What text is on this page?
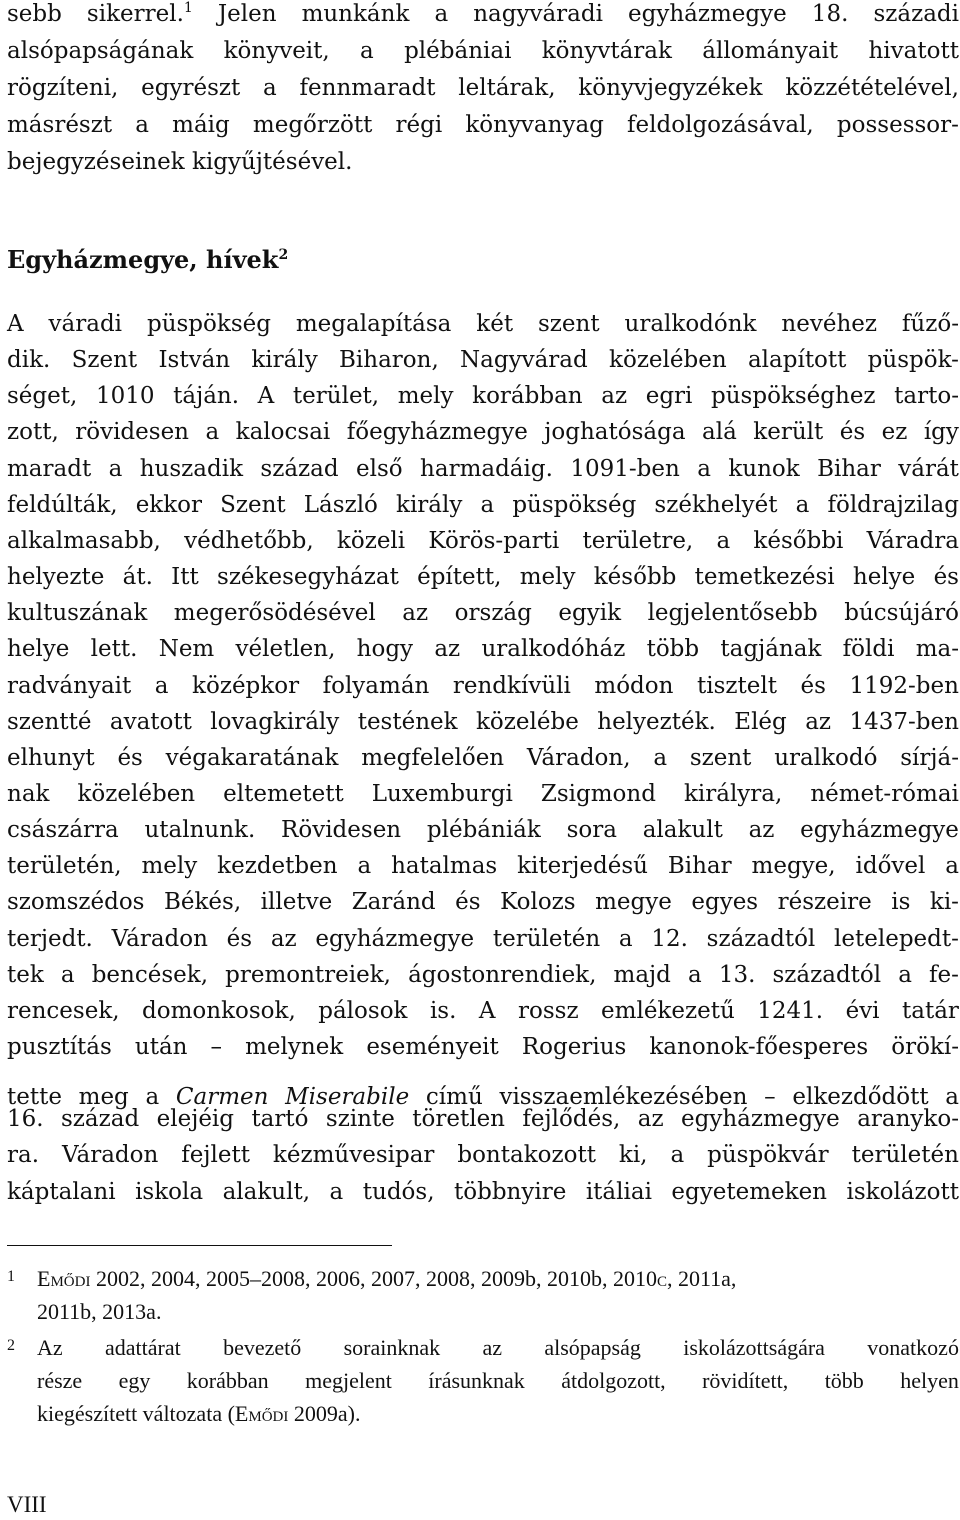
sebb sikerrel.$^1$ Jelen munkánk a nagyváradi egyházmegye 18. századi
alsópapságának könyveit, a plébániai könyvtárak állományait hivatott
rögzíteni, egyrészt a fennmaradt leltárak, könyvjegyzékek közzétételével,
másrészt a máig megőrzött régi könyvanyag feldolgozásával, possessor-
bejegyzéseinek kigyűjtésével.
Egyházmegye, hívek$^2$
A váradi püspökség megalapítása két szent uralkodónk nevéhez fűző-
dik. Szent István király Biharon, Nagyvárad közelében alapított püspök-
séget, 1010 táján. A terület, mely korábban az egri püspökséghez tarto-
zott, rövidesen a kalocsai főegyházmegye joghatósága alá került és ez így
maradt a huszadik század első harmadáig. 1091-ben a kunok Bihar várát
feldúlták, ekkor Szent László király a püspökség székhelyét a földrajzilag
alkalmasabb, védhetőbb, közeli Körös-parti területre, a későbbi Váradra
helyezte át. Itt székesegyházat épített, mely később temetkezési helye és
kultuszának megerősödésével az ország egyik legjelentősebb búcsújáró
helye lett. Nem véletlen, hogy az uralkodóház több tagjának földi ma-
radványait a középkor folyamán rendkívüli módon tisztelt és 1192-ben
szentté avatott lovagkirály testének közelébe helyezték. Elég az 1437-ben
elhunyt és végakaratának megfelelően Váradon, a szent uralkodó sírjá-
nak közelében eltemetett Luxemburgi Zsigmond királyra, német-római
császárra utalnunk. Rövidesen plébániák sora alakult az egyházmegye
területén, mely kezdetben a hatalmas kiterjedésű Bihar megye, idővel a
szomszédos Békés, illetve Zaránd és Kolozs megye egyes részeire is ki-
terjedt. Váradon és az egyházmegye területén a 12. századtól letelepedt-
tek a bencések, premontreiek, ágostonrendiek, majd a 13. századtól a fe-
rencesek, domonkosok, pálosok is. A rossz emlékezetű 1241. évi tatár
pusztítás után – melynek eseményeit Rogerius kanonok-főesperes örökí-
tette meg a Carmen Miserabile című visszaemlékezésében – elkezdődött a
16. század elejéig tartó szinte töretlen fejlődés, az egyházmegye aranyko-
ra. Váradon fejlett kézművesipar bontakozott ki, a püspökvár területén
káptalani iskola alakult, a tudós, többnyire itáliai egyetemeken iskolázott
1 Emődi 2002, 2004, 2005–2008, 2006, 2007, 2008, 2009b, 2010b, 2010c, 2011a,
2011b, 2013a.
2 Az adattárat bevezető sorainknak az alsópapság iskolázottságára vonatkozó
része egy korábban megjelent írásunknak átdolgozott, rövidített, több helyen
kiegészített változata (Emődi 2009a).
VIII
